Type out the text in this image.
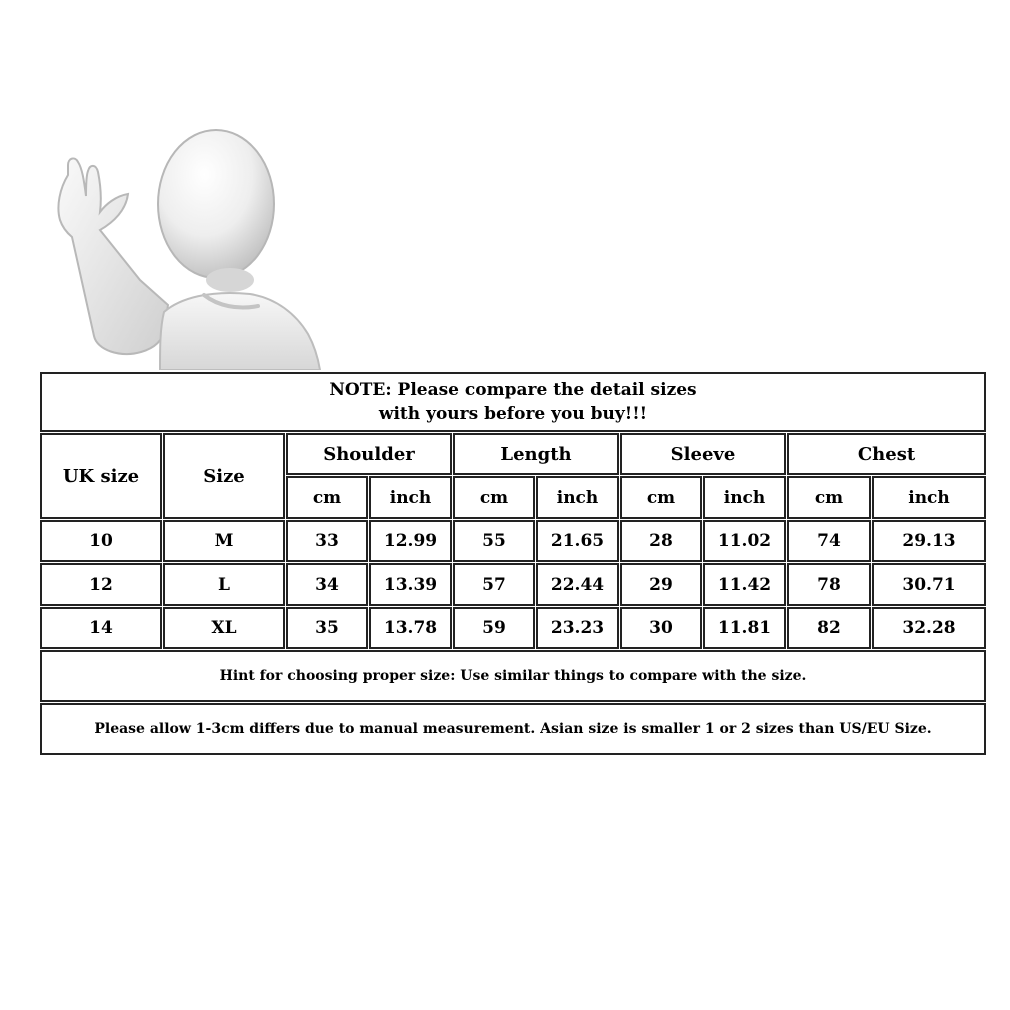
NOTE: Please compare the detail sizes
with yours before you buy!!!
UK size	Size
Shoulder	Length	Sleeve	Chest
cm	inch	cm	inch	cm	inch	cm	inch
10	M	33	12.99	55	21.65	28	11.02	74	29.13
12	L	34	13.39	57	22.44	29	11.42	78	30.71
14	XL	35	13.78	59	23.23	30	11.81	82	32.28
Hint for choosing proper size: Use similar things to compare with the size.
Please allow 1-3cm differs due to manual measurement. Asian size is smaller 1 or 2 sizes than US/EU Size.
